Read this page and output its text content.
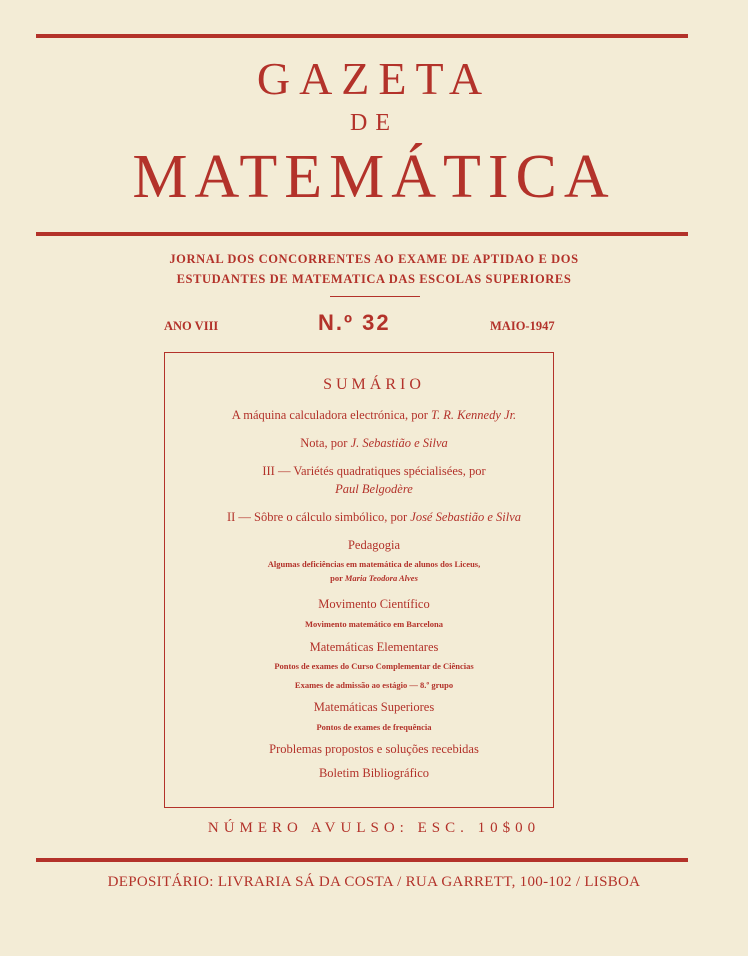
GAZETA
DE
MATEMÁTICA
JORNAL DOS CONCORRENTES AO EXAME DE APTIDAO E DOS
ESTUDANTES DE MATEMATICA DAS ESCOLAS SUPERIORES
ANO VIII	N.º 32	MAIO-1947
SUMÁRIO
A máquina calculadora electrónica, por T. R. Kennedy Jr.
Nota, por J. Sebastião e Silva
III — Variétés quadratiques spécialisées, por
Paul Belgodère
II — Sôbre o cálculo simbólico, por José Sebastião e Silva
Pedagogia
Algumas deficiências em matemática de alunos dos Liceus,
por Maria Teodora Alves
Movimento Científico
Movimento matemático em Barcelona
Matemáticas Elementares
Pontos de exames do Curso Complementar de Ciências
Exames de admissão ao estágio — 8.º grupo
Matemáticas Superiores
Pontos de exames de frequência
Problemas propostos e soluções recebidas
Boletim Bibliográfico
NÚMERO AVULSO: ESC. 10$00
DEPOSITÁRIO: LIVRARIA SÁ DA COSTA / RUA GARRETT, 100-102 / LISBOA
